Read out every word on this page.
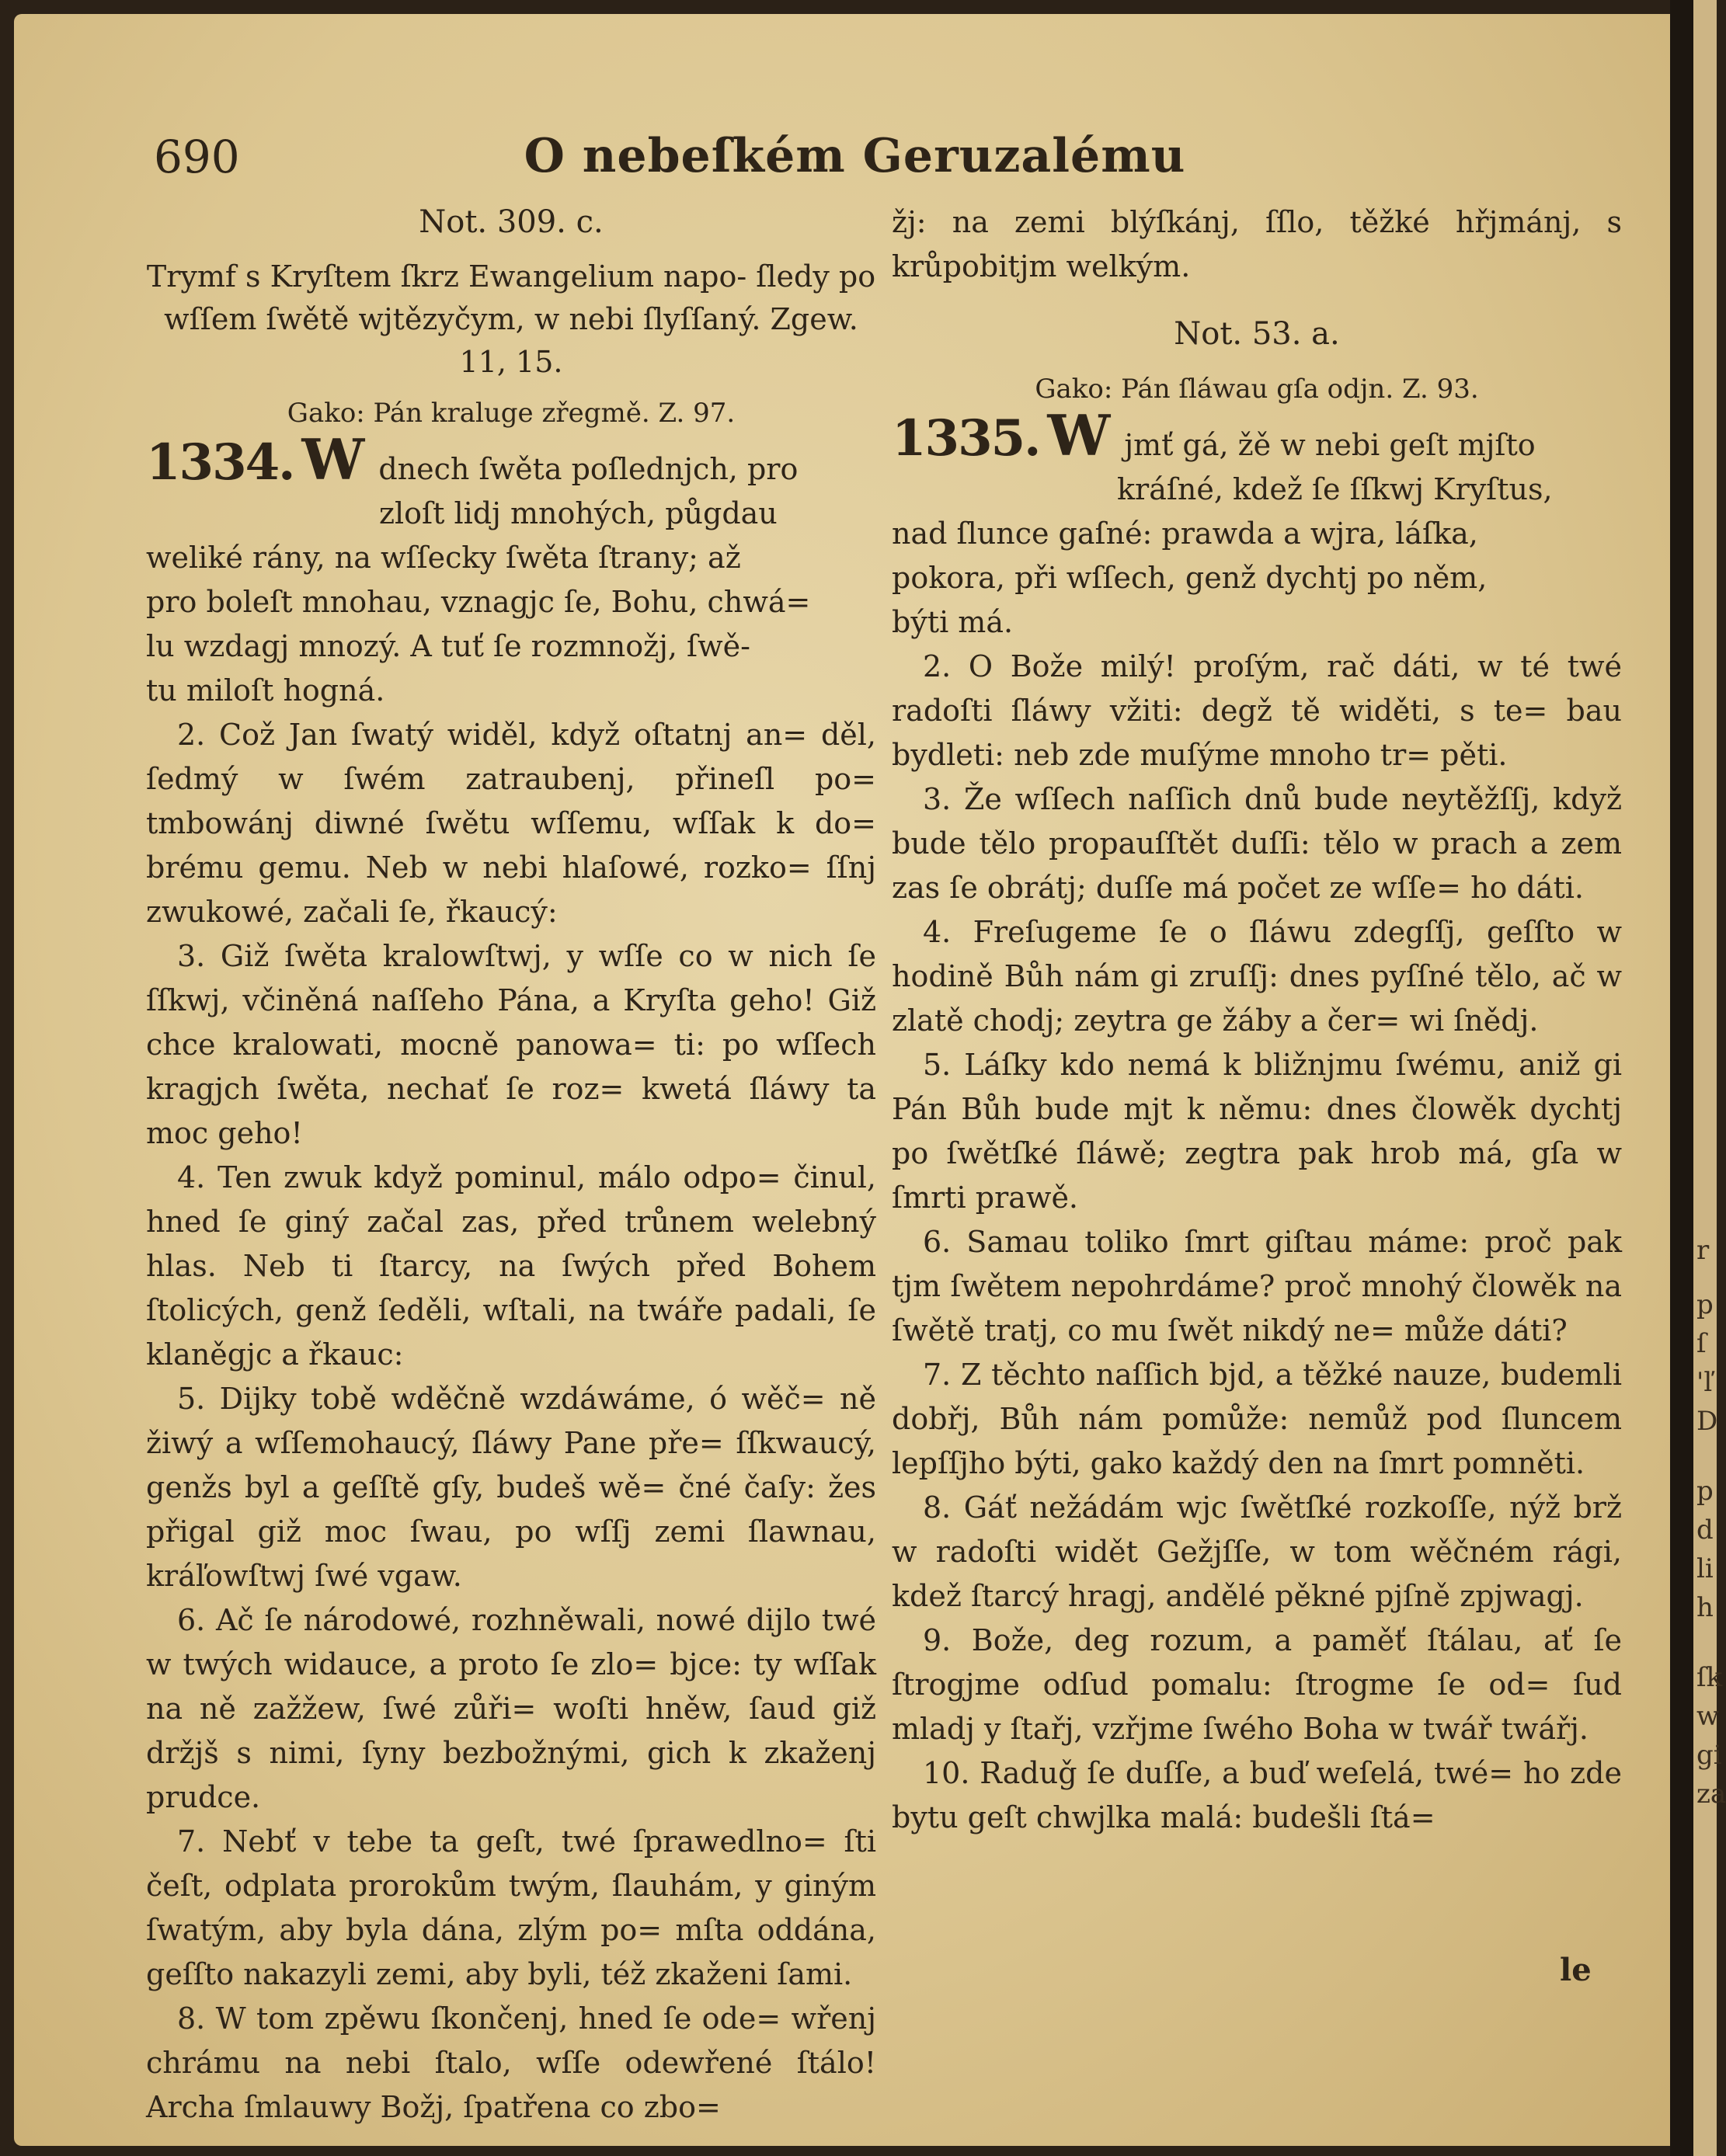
690	O nebeſkém Geruzalému
Not. 309. c.
Trymf s Kryſtem ſkrz Ewangelium napo‑ ſledy po wſſem ſwětě wjtězyčym, w nebi ſlyſſaný. Zgew. 11, 15.
Gako: Pán kraluge zřegmě. Z. 97.

1334. W dnech ſwěta poſlednjch, pro
zloſt lidj mnohých, půgdau
weliké rány, na wſſecky ſwěta ſtrany; až
pro boleſt mnohau, vznagjc ſe, Bohu, chwá=
lu wzdagj mnozý. A tuť ſe rozmnožj, ſwě‑
tu miloſt hogná.

2. Což Jan ſwatý widěl, když oſtatnj an= děl, ſedmý w ſwém zatraubenj, přineſl po= tmbowánj diwné ſwětu wſſemu, wſſak k do= brému gemu. Neb w nebi hlaſowé, rozko= ſſnj zwukowé, začali ſe, řkaucý:

3. Giž ſwěta kralowſtwj, y wſſe co w nich ſe ſſkwj, včiněná naſſeho Pána, a Kryſta geho! Giž chce kralowati, mocně panowa= ti: po wſſech kragjch ſwěta, nechať ſe roz= kwetá ſláwy ta moc geho!

4. Ten zwuk když pominul, málo odpo= činul, hned ſe giný začal zas, před trůnem welebný hlas. Neb ti ſtarcy, na ſwých před Bohem ſtolicých, genž ſeděli, wſtali, na twáře padali, ſe klaněgjc a řkauc:

5. Dijky tobě wděčně wzdáwáme, ó wěč= ně žiwý a wſſemohaucý, ſláwy Pane pře= ſſkwaucý, genžs byl a geſſtě gſy, budeš wě= čné čaſy: žes přigal giž moc ſwau, po wſſj zemi ſlawnau, kráľowſtwj ſwé vgaw.

6. Ač ſe národowé, rozhněwali, nowé dijlo twé w twých widauce, a proto ſe zlo= bjce: ty wſſak na ně zažžew, ſwé zůři= woſti hněw, ſaud giž držjš s nimi, ſyny bezbožnými, gich k zkaženj prudce.

7. Nebť v tebe ta geſt, twé ſprawedlno= ſti čeſt, odplata prorokům twým, ſlauhám, y giným ſwatým, aby byla dána, zlým po= mſta oddána, geſſto nakazyli zemi, aby byli, též zkaženi ſami.

8. W tom zpěwu ſkončenj, hned ſe ode= wřenj chrámu na nebi ſtalo, wſſe odewřené ſtálo! Archa ſmlauwy Božj, ſpatřena co zbo=

žj: na zemi blýſkánj, ſſlo, těžké hřjmánj, s krůpobitjm welkým.

Not. 53. a.
Gako: Pán ſláwau gſa odjn. Z. 93.

1335. W jmť gá, žě w nebi geſt mjſto
kráſné, kdež ſe ſſkwj Kryſtus,
nad ſlunce gaſné: prawda a wjra, láſka,
pokora, při wſſech, genž dychtj po něm,
býti má.

2. O Bože milý! proſým, rač dáti, w té twé radoſti ſláwy vžiti: degž tě widěti, s te= bau bydleti: neb zde muſýme mnoho tr= pěti.

3. Že wſſech naſſich dnů bude neytěžſſj, když bude tělo propauſſtět duſſi: tělo w prach a zem zas ſe obrátj; duſſe má počet ze wſſe= ho dáti.

4. Freſugeme ſe o ſláwu zdegſſj, geſſto w hodině Bůh nám gi zruſſj: dnes pyſſné tělo, ač w zlatě chodj; zeytra ge žáby a čer= wi ſnědj.

5. Láſky kdo nemá k bližnjmu ſwému, aniž gi Pán Bůh bude mjt k němu: dnes člowěk dychtj po ſwětſké ſláwě; zegtra pak hrob má, gſa w ſmrti prawě.

6. Samau toliko ſmrt giſtau máme: proč pak tjm ſwětem nepohrdáme? proč mnohý člowěk na ſwětě tratj, co mu ſwět nikdý ne= může dáti?

7. Z těchto naſſich bjd, a těžké nauze, budemli dobřj, Bůh nám pomůže: nemůž pod ſluncem lepſſjho býti, gako každý den na ſmrt pomněti.

8. Gáť nežádám wjc ſwětſké rozkoſſe, nýž brž w radoſti widět Gežjſſe, w tom wěčném rági, kdež ſtarcý hragj, andělé pěkné pjſně zpjwagj.

9. Bože, deg rozum, a paměť ſtálau, ať ſe ſtrogjme odſud pomalu: ſtrogme ſe od= ſud mladj y ſtařj, vzřjme ſwého Boha w twář twářj.

10. Raduǧ ſe duſſe, a buď weſelá, twé= ho zde bytu geſt chwjlka malá: budešli ſtá=

le
r
p
ſ
'ľ
D
p
d
li
h
ſk
w
gi
za
